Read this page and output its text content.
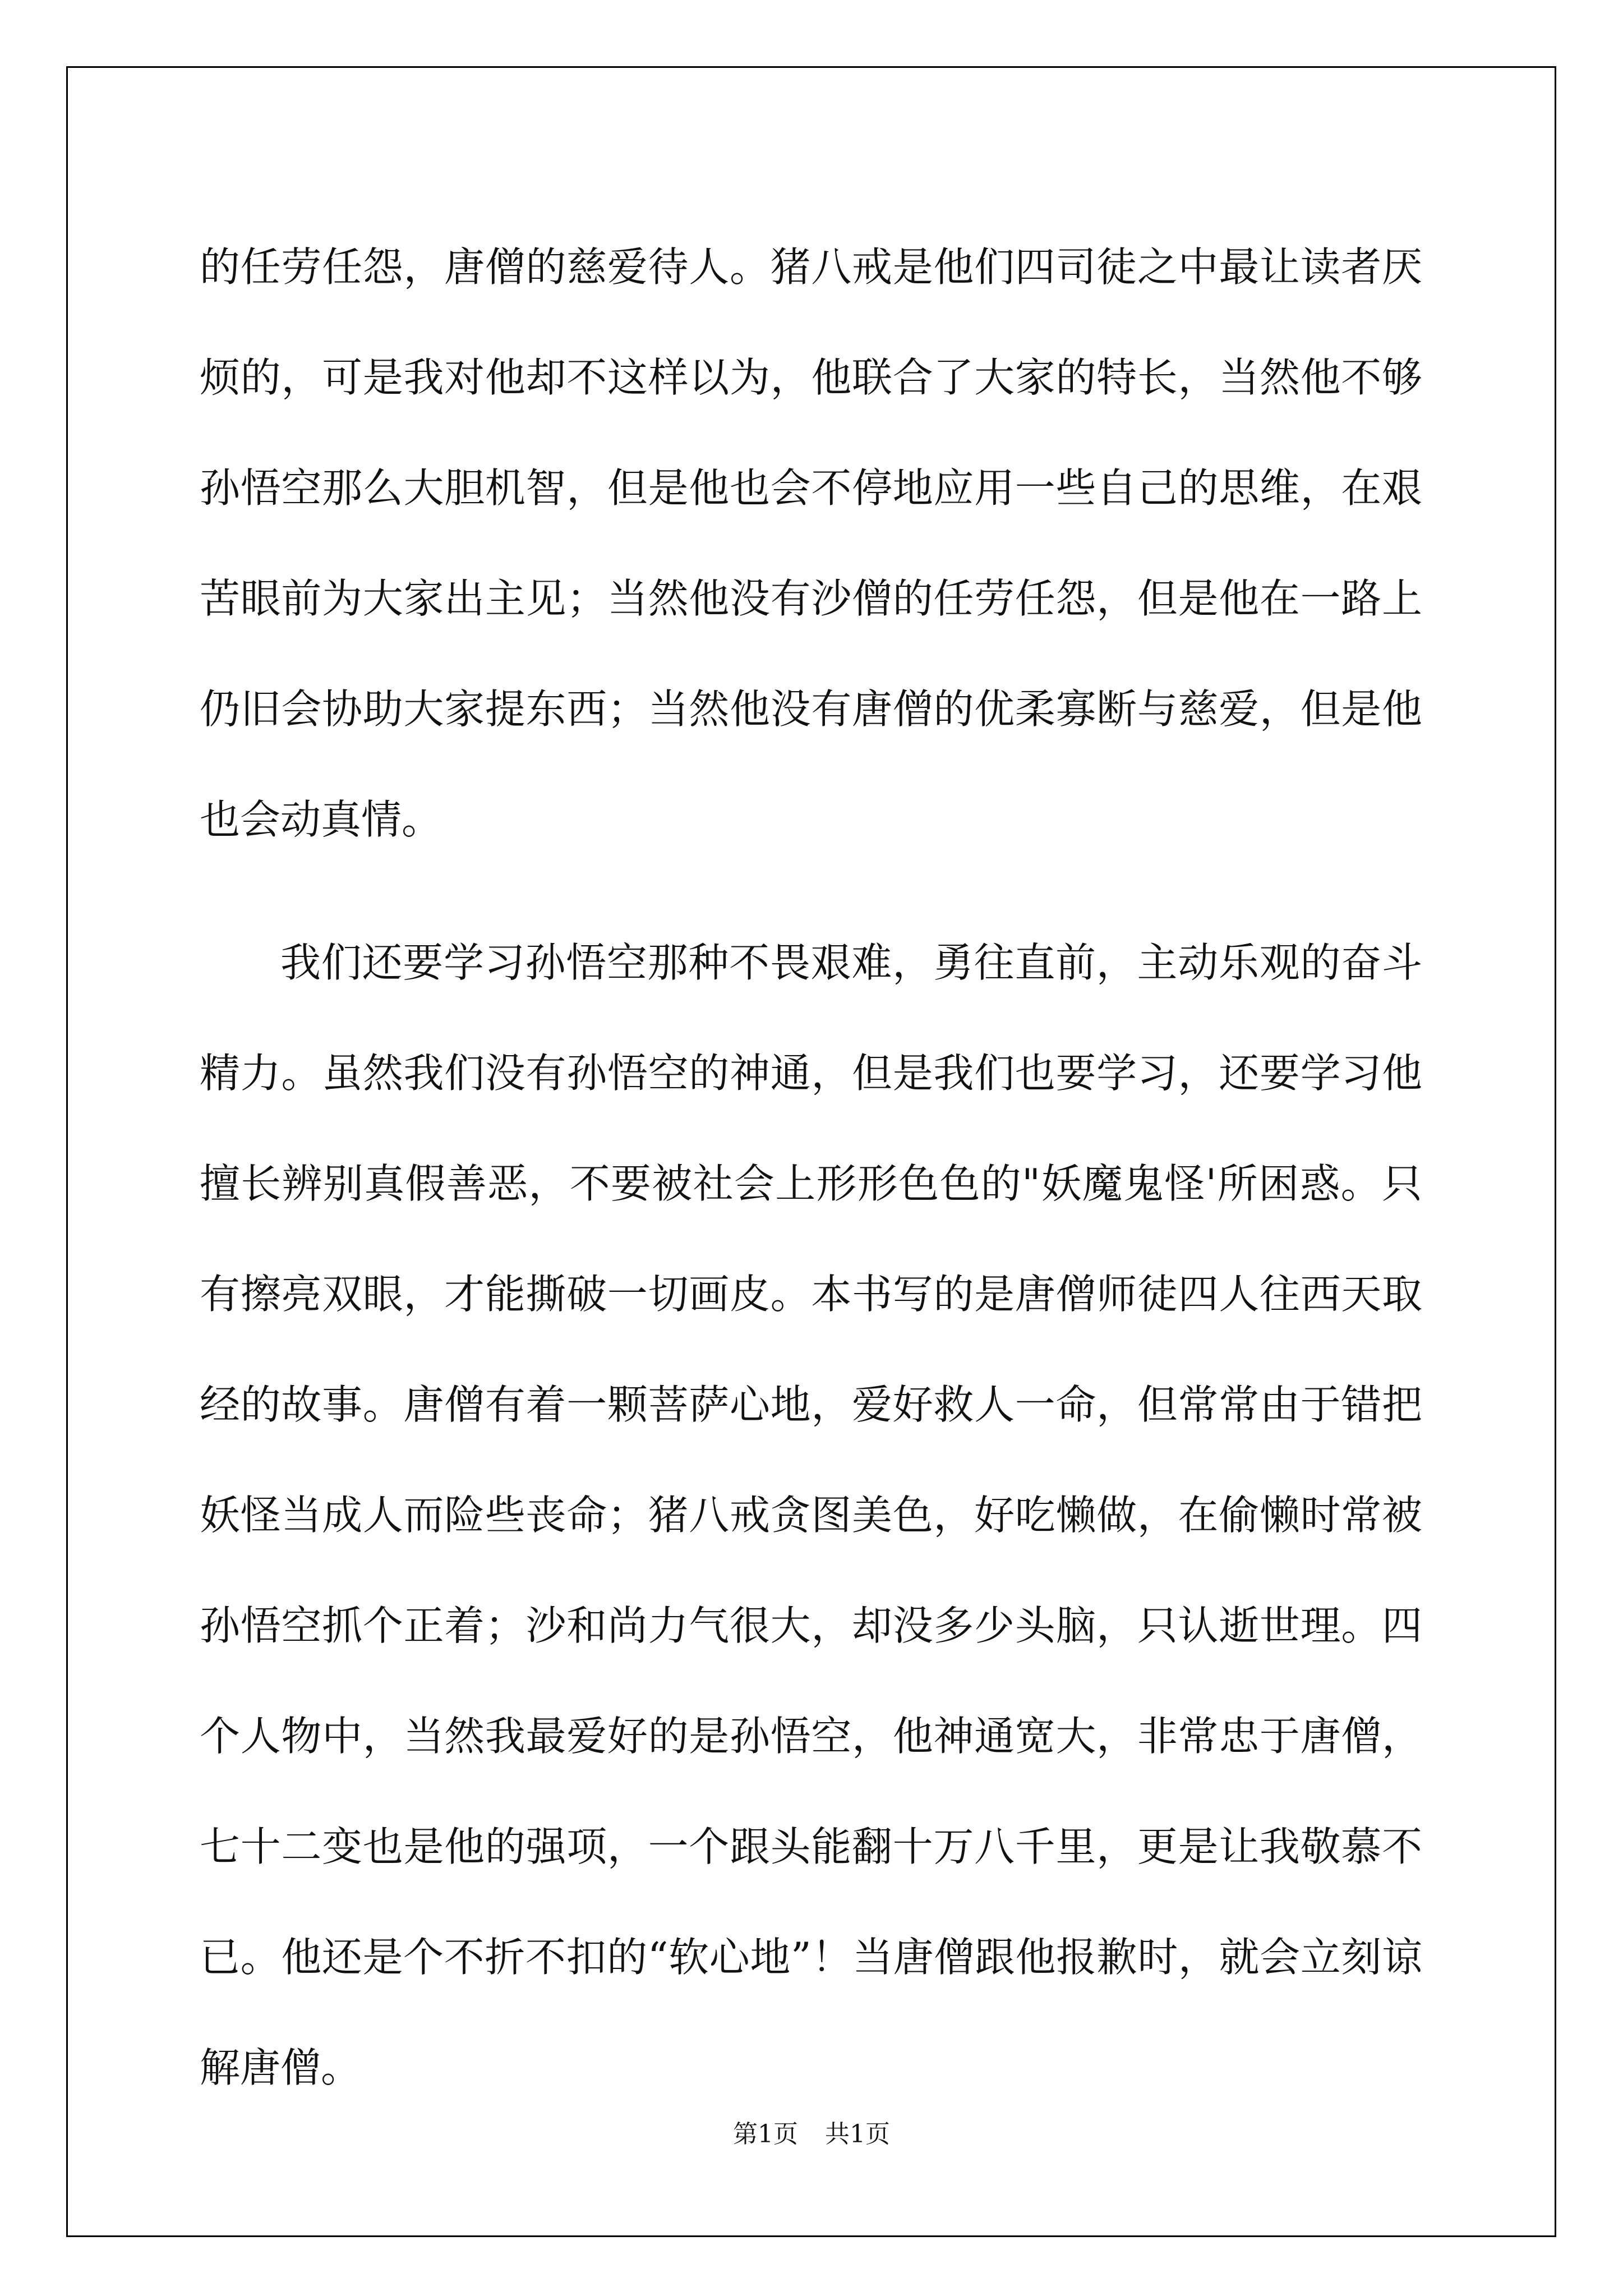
的任劳任怨，唐僧的慈爱待人。猪八戒是他们四司徒之中最让读者厌烦的，可是我对他却不这样以为，他联合了大家的特长，当然他不够孙悟空那么大胆机智，但是他也会不停地应用一些自己的思维，在艰苦眼前为大家出主见；当然他没有沙僧的任劳任怨，但是他在一路上仍旧会协助大家提东西；当然他没有唐僧的优柔寡断与慈爱，但是他也会动真情。

我们还要学习孙悟空那种不畏艰难，勇往直前，主动乐观的奋斗精力。虽然我们没有孙悟空的神通，但是我们也要学习，还要学习他擅长辨别真假善恶，不要被社会上形形色色的"妖魔鬼怪'所困惑。只有擦亮双眼，才能撕破一切画皮。本书写的是唐僧师徒四人往西天取经的故事。唐僧有着一颗菩萨心地，爱好救人一命，但常常由于错把妖怪当成人而险些丧命；猪八戒贪图美色，好吃懒做，在偷懒时常被孙悟空抓个正着；沙和尚力气很大，却没多少头脑，只认逝世理。四个人物中，当然我最爱好的是孙悟空，他神通宽大，非常忠于唐僧，七十二变也是他的强项，一个跟头能翻十万八千里，更是让我敬慕不已。他还是个不折不扣的“软心地”！当唐僧跟他报歉时，就会立刻谅解唐僧。

第1页 共1页
